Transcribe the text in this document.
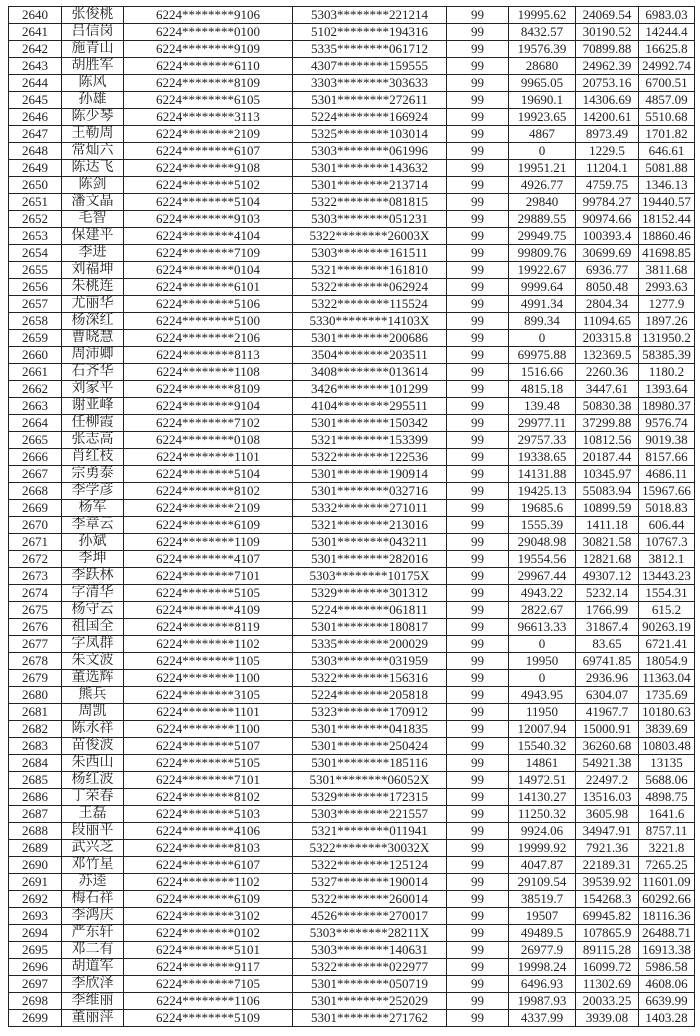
2640	张俊桃	6224********9106	5303********221214	99	19995.62	24069.54	6983.03
2641	吕信岗	6224********0100	5102********194316	99	8432.57	30190.52	14244.4
2642	施青山	6224********9109	5335********061712	99	19576.39	70899.88	16625.8
2643	胡胜军	6224********6110	4307********159555	99	28680	24962.39	24992.74
2644	陈风	6224********8109	3303********303633	99	9965.05	20753.16	6700.51
2645	孙雄	6224********6105	5301********272611	99	19690.1	14306.69	4857.09
2646	陈少琴	6224********3113	5224********166924	99	19923.65	14200.61	5510.68
2647	王勒周	6224********2109	5325********103014	99	4867	8973.49	1701.82
2648	常灿六	6224********6107	5303********061996	99	0	1229.5	646.61
2649	陈达飞	6224********9108	5301********143632	99	19951.21	11204.1	5081.88
2650	陈剑	6224********5102	5301********213714	99	4926.77	4759.75	1346.13
2651	潘文晶	6224********5104	5322********081815	99	29840	99784.27	19440.57
2652	毛智	6224********9103	5303********051231	99	29889.55	90974.66	18152.44
2653	保建平	6224********4104	5322********26003X	99	29949.75	100393.4	18860.46
2654	李进	6224********7109	5303********161511	99	99809.76	30699.69	41698.85
2655	刘福坤	6224********0104	5321********161810	99	19922.67	6936.77	3811.68
2656	朱桃连	6224********6101	5322********062924	99	9999.64	8050.48	2993.63
2657	尤丽华	6224********5106	5322********115524	99	4991.34	2804.34	1277.9
2658	杨深红	6224********5100	5330********14103X	99	899.34	11094.65	1897.26
2659	曹晓慧	6224********2106	5301********200686	99	0	203315.8	131950.2
2660	周沛卿	6224********8113	3504********203511	99	69975.88	132369.5	58385.39
2661	石齐华	6224********1108	3408********013614	99	1516.66	2260.36	1180.2
2662	刘家平	6224********8109	3426********101299	99	4815.18	3447.61	1393.64
2663	谢亚峰	6224********9104	4104********295511	99	139.48	50830.38	18980.37
2664	任柳霞	6224********7102	5301********150342	99	29977.11	37299.88	9576.74
2665	张志高	6224********0108	5321********153399	99	29757.33	10812.56	9019.38
2666	肖红枝	6224********1101	5322********122536	99	19338.65	20187.44	8157.66
2667	宗勇泰	6224********5104	5301********190914	99	14131.88	10345.97	4686.11
2668	李学彦	6224********8102	5301********032716	99	19425.13	55083.94	15967.66
2669	杨军	6224********2109	5332********271011	99	19685.6	10899.59	5018.83
2670	李章云	6224********6109	5321********213016	99	1555.39	1411.18	606.44
2671	孙斌	6224********1109	5301********043211	99	29048.98	30821.58	10767.3
2672	李坤	6224********4107	5301********282016	99	19554.56	12821.68	3812.1
2673	李跃林	6224********7101	5303********10175X	99	29967.44	49307.12	13443.23
2674	字清华	6224********5105	5329********301312	99	4943.22	5232.14	1554.31
2675	杨守云	6224********4109	5224********061811	99	2822.67	1766.99	615.2
2676	祖国全	6224********8119	5301********180817	99	96613.33	31867.4	90263.19
2677	字凤群	6224********1102	5335********200029	99	0	83.65	6721.41
2678	朱文波	6224********1105	5303********031959	99	19950	69741.85	18054.9
2679	董选辉	6224********1100	5322********156316	99	0	2936.96	11363.04
2680	熊兵	6224********3105	5224********205818	99	4943.95	6304.07	1735.69
2681	周凯	6224********1101	5323********170912	99	11950	41967.7	10180.63
2682	陈永祥	6224********1100	5301********041835	99	12007.94	15000.91	3839.69
2683	苗俊波	6224********5107	5301********250424	99	15540.32	36260.68	10803.48
2684	朱西山	6224********5105	5301********185116	99	14861	54921.38	13135
2685	杨红波	6224********7101	5301********06052X	99	14972.51	22497.2	5688.06
2686	丁荣春	6224********8102	5329********172315	99	14130.27	13516.03	4898.75
2687	王磊	6224********5103	5303********221557	99	11250.32	3605.98	1641.6
2688	段丽平	6224********4106	5321********011941	99	9924.06	34947.91	8757.11
2689	武兴芝	6224********8103	5322********30032X	99	19999.92	7921.36	3221.8
2690	邓竹星	6224********6107	5322********125124	99	4047.87	22189.31	7265.25
2691	苏逵	6224********1102	5327********190014	99	29109.54	39539.92	11601.09
2692	梅石祥	6224********6109	5322********260014	99	38519.7	154268.3	60292.66
2693	李鸿庆	6224********3102	4526********270017	99	19507	69945.82	18116.36
2694	严东轩	6224********0102	5303********28211X	99	49489.5	107865.9	26488.71
2695	邓二有	6224********5101	5303********140631	99	26977.9	89115.28	16913.38
2696	胡道军	6224********9117	5322********022977	99	19998.24	16099.72	5986.58
2697	李欣泽	6224********7105	5301********050719	99	6496.93	11302.69	4608.06
2698	李维丽	6224********1106	5301********252029	99	19987.93	20033.25	6639.99
2699	董丽萍	6224********5109	5301********271762	99	4337.99	3939.08	1403.28
